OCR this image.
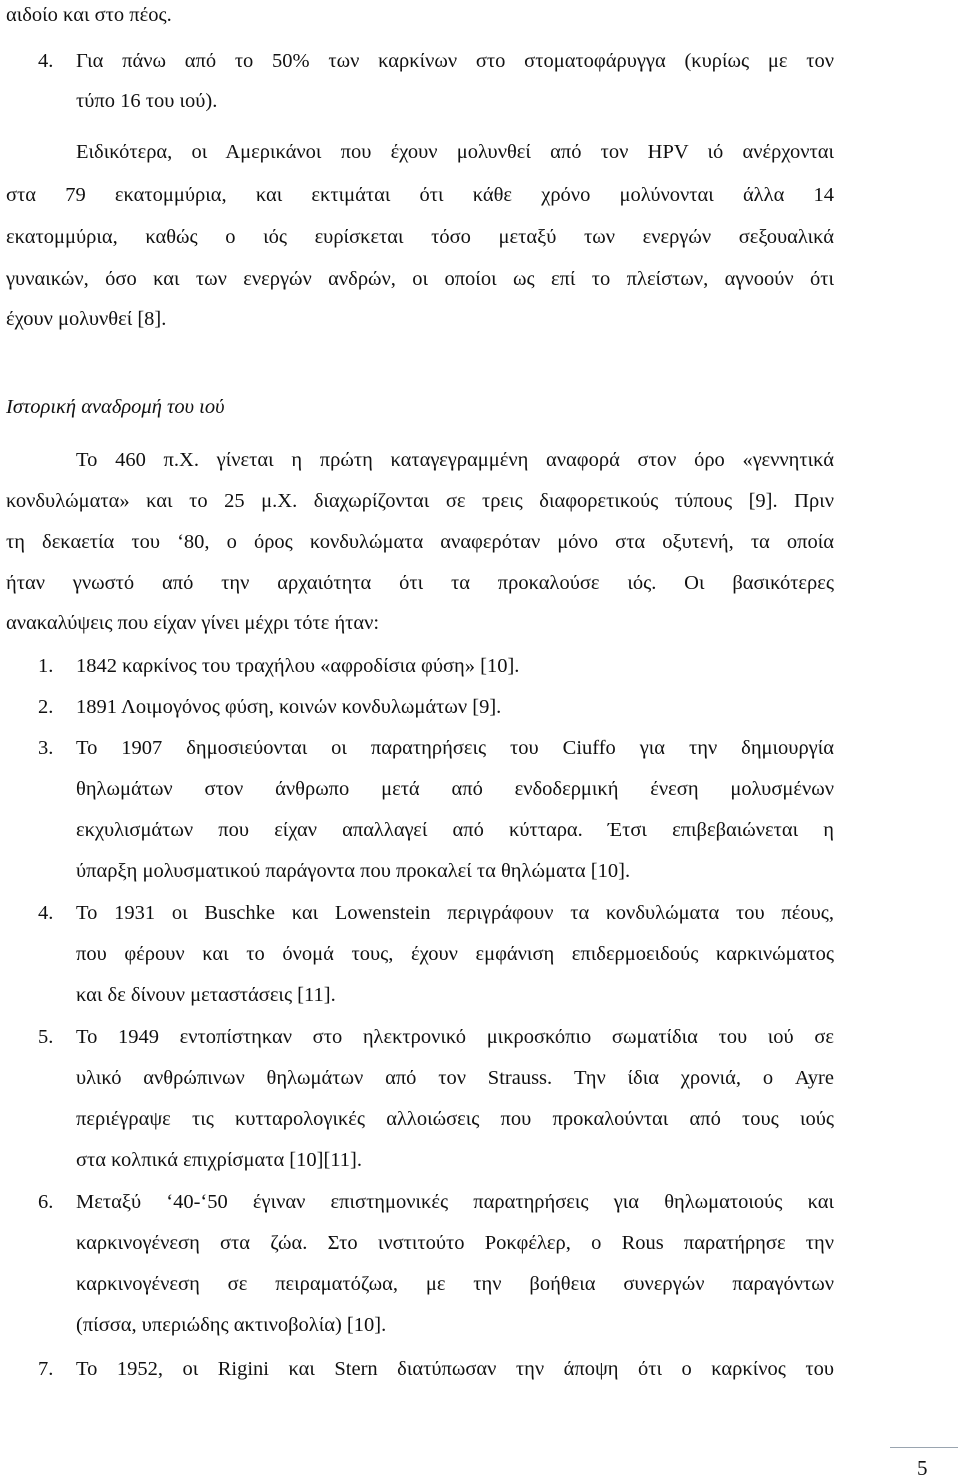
αιδοίο και στο πέος.
4. Για πάνω από το 50% των καρκίνων στο στοματοφάρυγγα (κυρίως με τον
τύπο 16 του ιού).
Ειδικότερα, οι Αμερικάνοι που έχουν μολυνθεί από τον HPV ιό ανέρχονται
στα 79 εκατομμύρια, και εκτιμάται ότι κάθε χρόνο μολύνονται άλλα 14
εκατομμύρια, καθώς ο ιός ευρίσκεται τόσο μεταξύ των ενεργών σεξουαλικά
γυναικών, όσο και των ενεργών ανδρών, οι οποίοι ως επί το πλείστων, αγνοούν ότι
έχουν μολυνθεί [8].
Ιστορική αναδρομή του ιού
Το 460 π.Χ. γίνεται η πρώτη καταγεγραμμένη αναφορά στον όρο «γεννητικά
κονδυλώματα» και το 25 μ.Χ. διαχωρίζονται σε τρεις διαφορετικούς τύπους [9]. Πριν
τη δεκαετία του ‘80, ο όρος κονδυλώματα αναφερόταν μόνο στα οξυτενή, τα οποία
ήταν γνωστό από την αρχαιότητα ότι τα προκαλούσε ιός. Οι βασικότερες
ανακαλύψεις που είχαν γίνει μέχρι τότε ήταν:
1. 1842 καρκίνος του τραχήλου «αφροδίσια φύση» [10].
2. 1891 Λοιμογόνος φύση, κοινών κονδυλωμάτων [9].
3. Το 1907 δημοσιεύονται οι παρατηρήσεις του Ciuffo για την δημιουργία
θηλωμάτων στον άνθρωπο μετά από ενδοδερμική ένεση μολυσμένων
εκχυλισμάτων που είχαν απαλλαγεί από κύτταρα. Έτσι επιβεβαιώνεται η
ύπαρξη μολυσματικού παράγοντα που προκαλεί τα θηλώματα [10].
4. Το 1931 οι Buschke και Lowenstein περιγράφουν τα κονδυλώματα του πέους,
που φέρουν και το όνομά τους, έχουν εμφάνιση επιδερμοειδούς καρκινώματος
και δε δίνουν μεταστάσεις [11].
5. Το 1949 εντοπίστηκαν στο ηλεκτρονικό μικροσκόπιο σωματίδια του ιού σε
υλικό ανθρώπινων θηλωμάτων από τον Strauss. Την ίδια χρονιά, ο Ayre
περιέγραψε τις κυτταρολογικές αλλοιώσεις που προκαλούνται από τους ιούς
στα κολπικά επιχρίσματα [10][11].
6. Μεταξύ ‘40-‘50 έγιναν επιστημονικές παρατηρήσεις για θηλωματοιούς και
καρκινογένεση στα ζώα. Στο ινστιτούτο Ροκφέλερ, ο Rous παρατήρησε την
καρκινογένεση σε πειραματόζωα, με την βοήθεια συνεργών παραγόντων
(πίσσα, υπεριώδης ακτινοβολία) [10].
7. Το 1952, οι Rigini και Stern διατύπωσαν την άποψη ότι ο καρκίνος του
5
